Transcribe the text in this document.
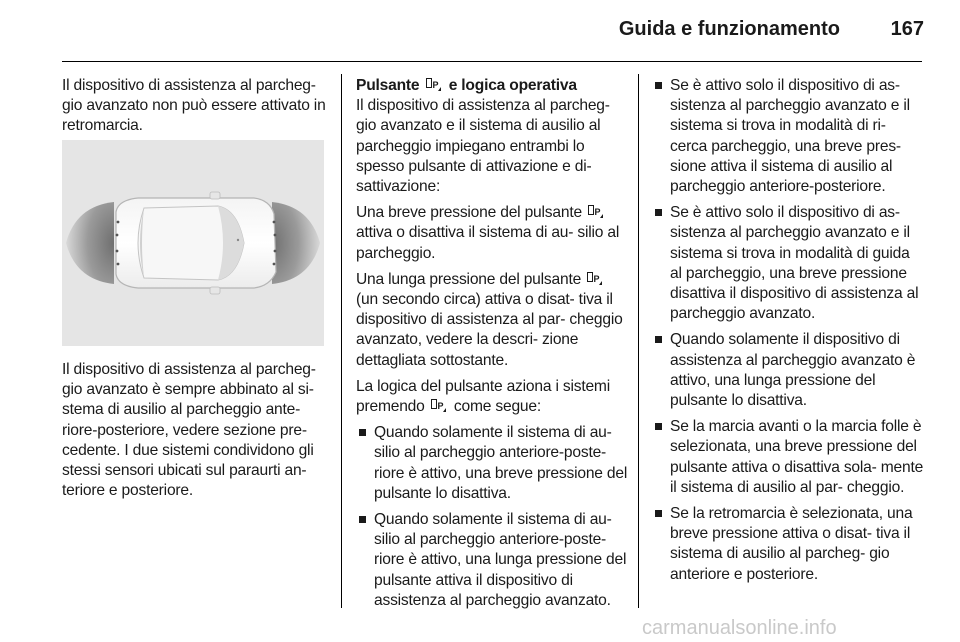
Guida e funzionamento	167

Il dispositivo di assistenza al parcheg- gio avanzato non può essere attivato in retromarcia.

Il dispositivo di assistenza al parcheg- gio avanzato è sempre abbinato al si- stema di ausilio al parcheggio ante- riore-posteriore, vedere sezione pre- cedente. I due sistemi condividono gli stessi sensori ubicati sul paraurti an- teriore e posteriore.

Pulsante P e logica operativa

Il dispositivo di assistenza al parcheg- gio avanzato e il sistema di ausilio al parcheggio impiegano entrambi lo spesso pulsante di attivazione e di- sattivazione:

Una breve pressione del pulsante P
attiva o disattiva il sistema di au- silio al parcheggio.

Una lunga pressione del pulsante P
(un secondo circa) attiva o disat- tiva il dispositivo di assistenza al par- cheggio avanzato, vedere la descri- zione dettagliata sottostante.

La logica del pulsante aziona i sistemi premendo P come segue:

Quando solamente il sistema di au- silio al parcheggio anteriore-poste- riore è attivo, una breve pressione del pulsante lo disattiva.
Quando solamente il sistema di au- silio al parcheggio anteriore-poste- riore è attivo, una lunga pressione del pulsante attiva il dispositivo di assistenza al parcheggio avanzato.
Se è attivo solo il dispositivo di as- sistenza al parcheggio avanzato e il sistema si trova in modalità di ri- cerca parcheggio, una breve pres- sione attiva il sistema di ausilio al parcheggio anteriore-posteriore.
Se è attivo solo il dispositivo di as- sistenza al parcheggio avanzato e il sistema si trova in modalità di guida al parcheggio, una breve pressione disattiva il dispositivo di assistenza al parcheggio avanzato.
Quando solamente il dispositivo di assistenza al parcheggio avanzato è attivo, una lunga pressione del pulsante lo disattiva.
Se la marcia avanti o la marcia folle è selezionata, una breve pressione del pulsante attiva o disattiva sola- mente il sistema di ausilio al par- cheggio.
Se la retromarcia è selezionata, una breve pressione attiva o disat- tiva il sistema di ausilio al parcheg- gio anteriore e posteriore.
carmanualsonline.info
